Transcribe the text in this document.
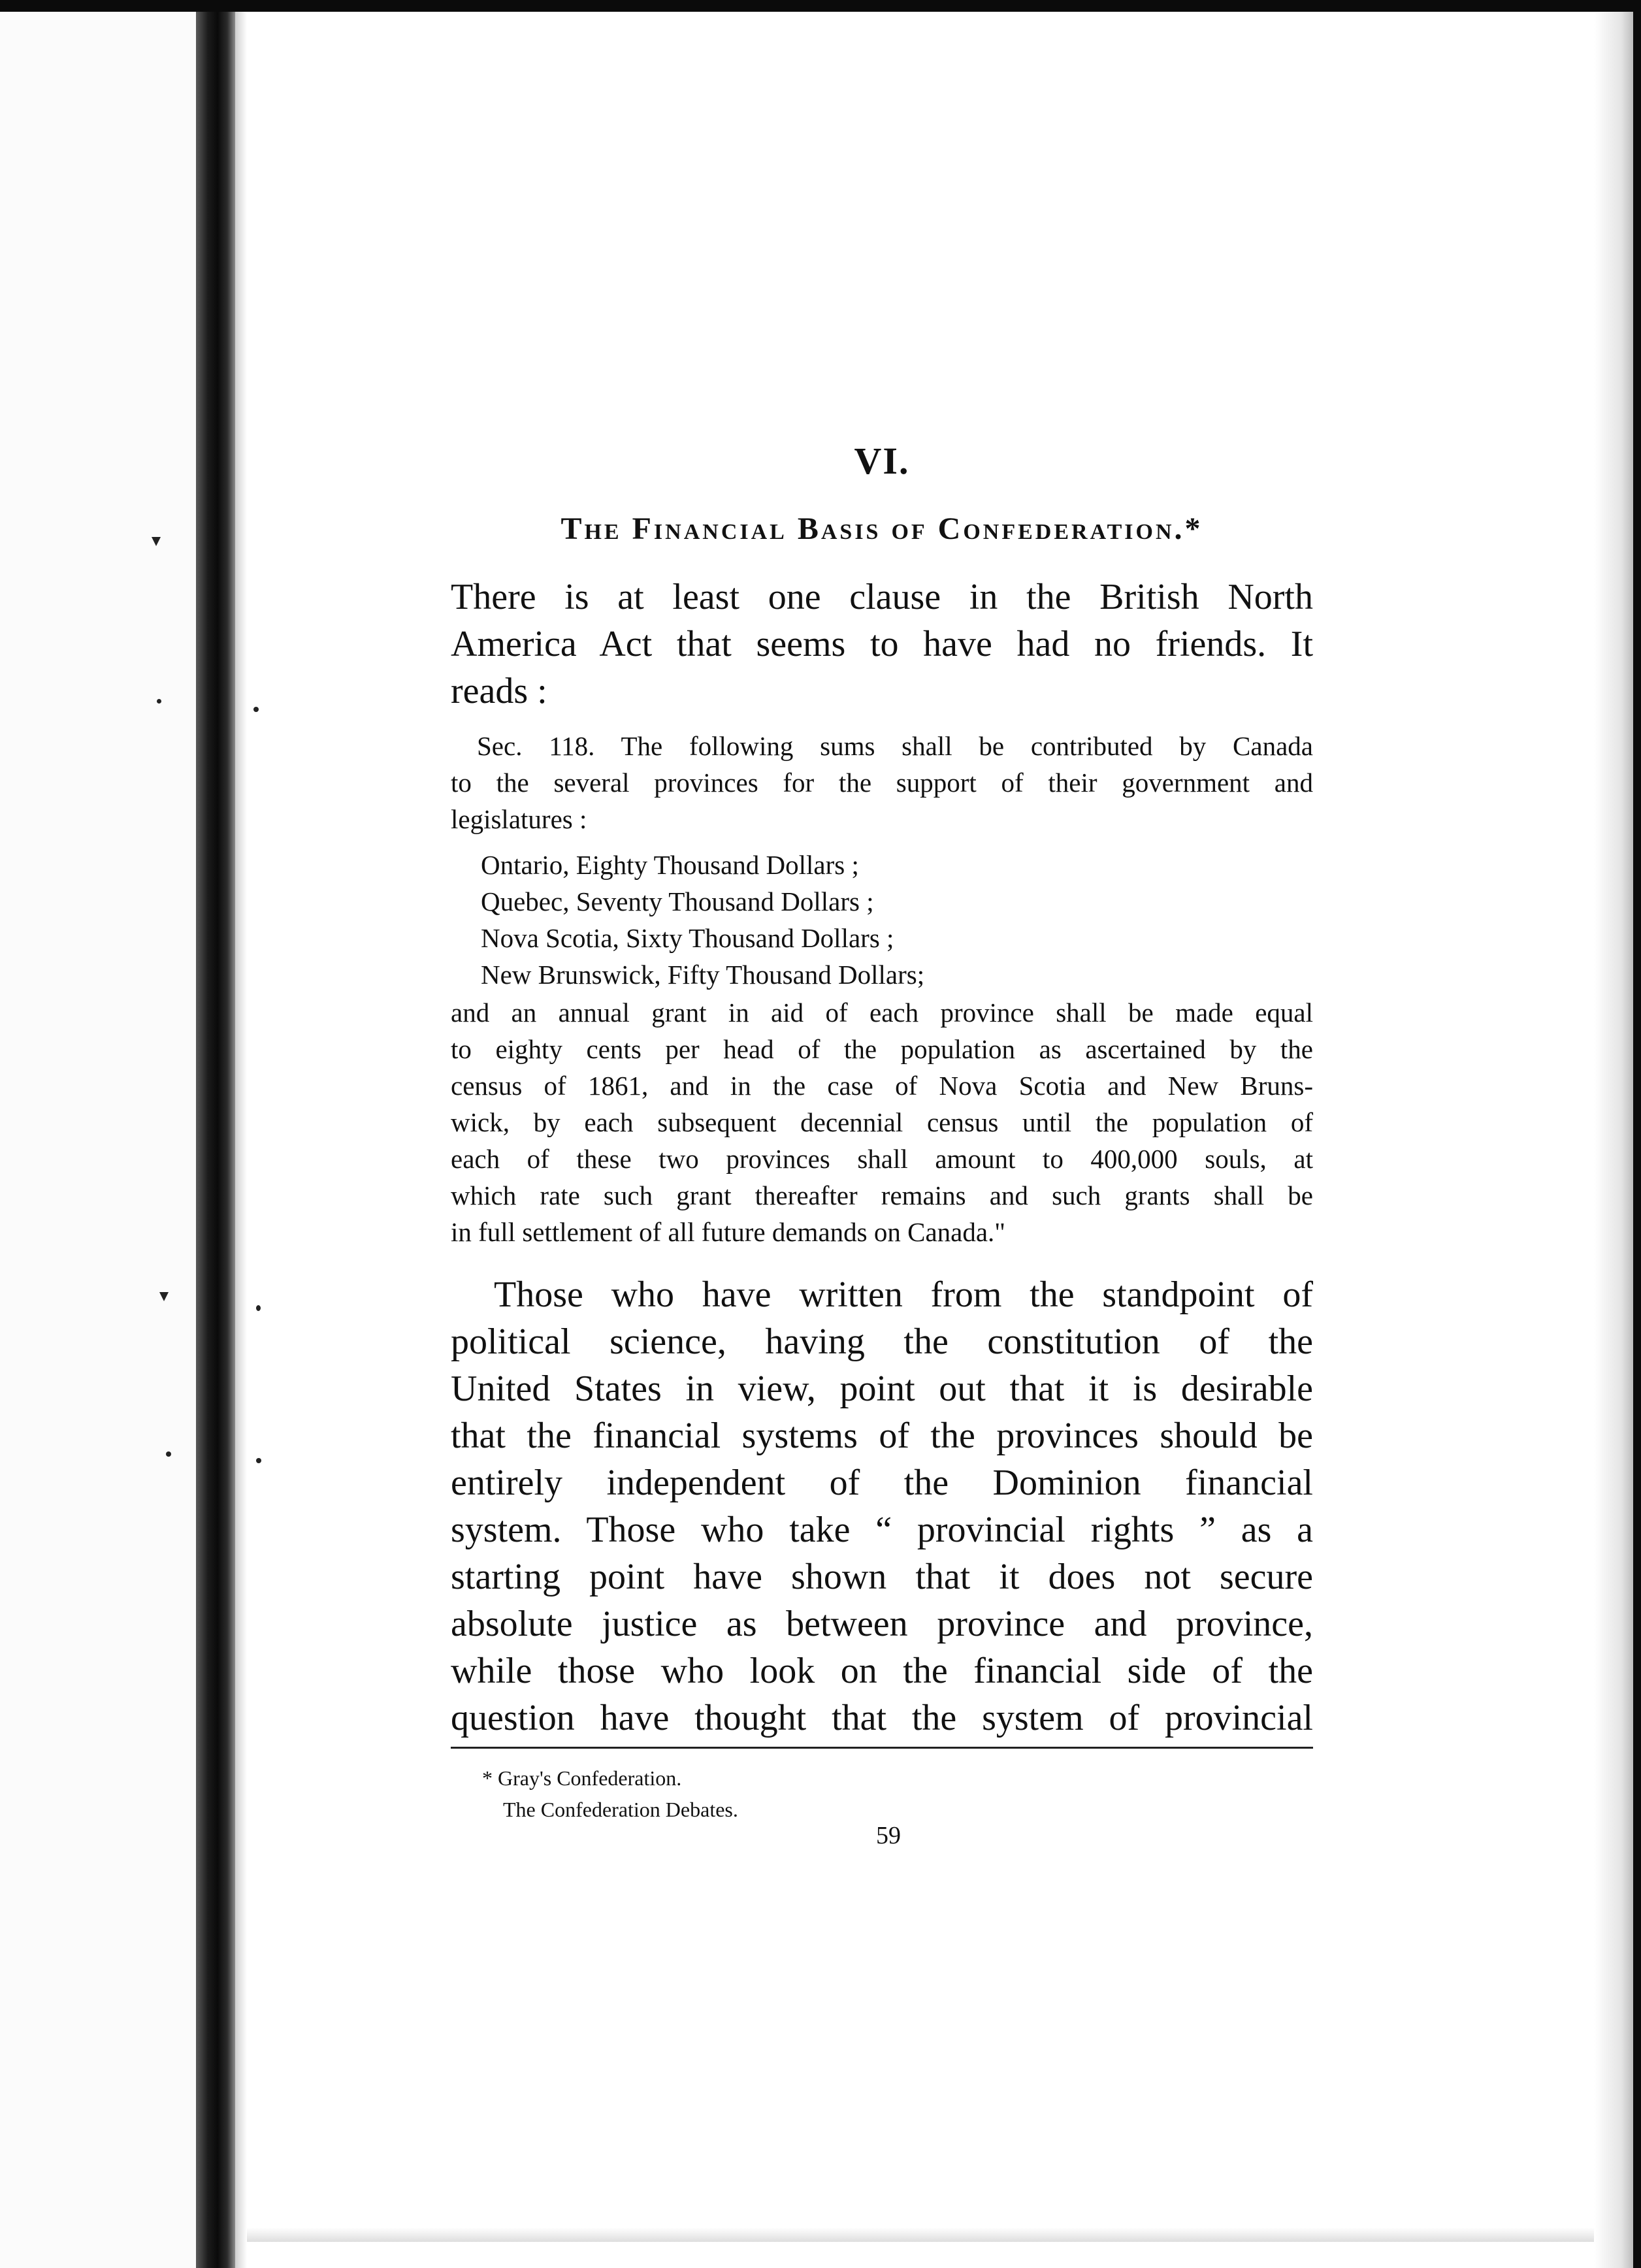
VI.
The Financial Basis of Confederation.*

There is at least one clause in the British North

America Act that seems to have had no friends. It

reads :

Sec. 118. The following sums shall be contributed by Canada

to the several provinces for the support of their government and

legislatures :

Ontario, Eighty Thousand Dollars ;

Quebec, Seventy Thousand Dollars ;

Nova Scotia, Sixty Thousand Dollars ;

New Brunswick, Fifty Thousand Dollars;

and an annual grant in aid of each province shall be made equal

to eighty cents per head of the population as ascertained by the

census of 1861, and in the case of Nova Scotia and New Bruns-

wick, by each subsequent decennial census until the population of

each of these two provinces shall amount to 400,000 souls, at

which rate such grant thereafter remains and such grants shall be

in full settlement of all future demands on Canada."

Those who have written from the standpoint of

political science, having the constitution of the

United States in view, point out that it is desirable

that the financial systems of the provinces should be

entirely independent of the Dominion financial

system. Those who take “ provincial rights ” as a

starting point have shown that it does not secure

absolute justice as between province and province,

while those who look on the financial side of the

question have thought that the system of provincial

* Gray's Confederation.

The Confederation Debates.

59
